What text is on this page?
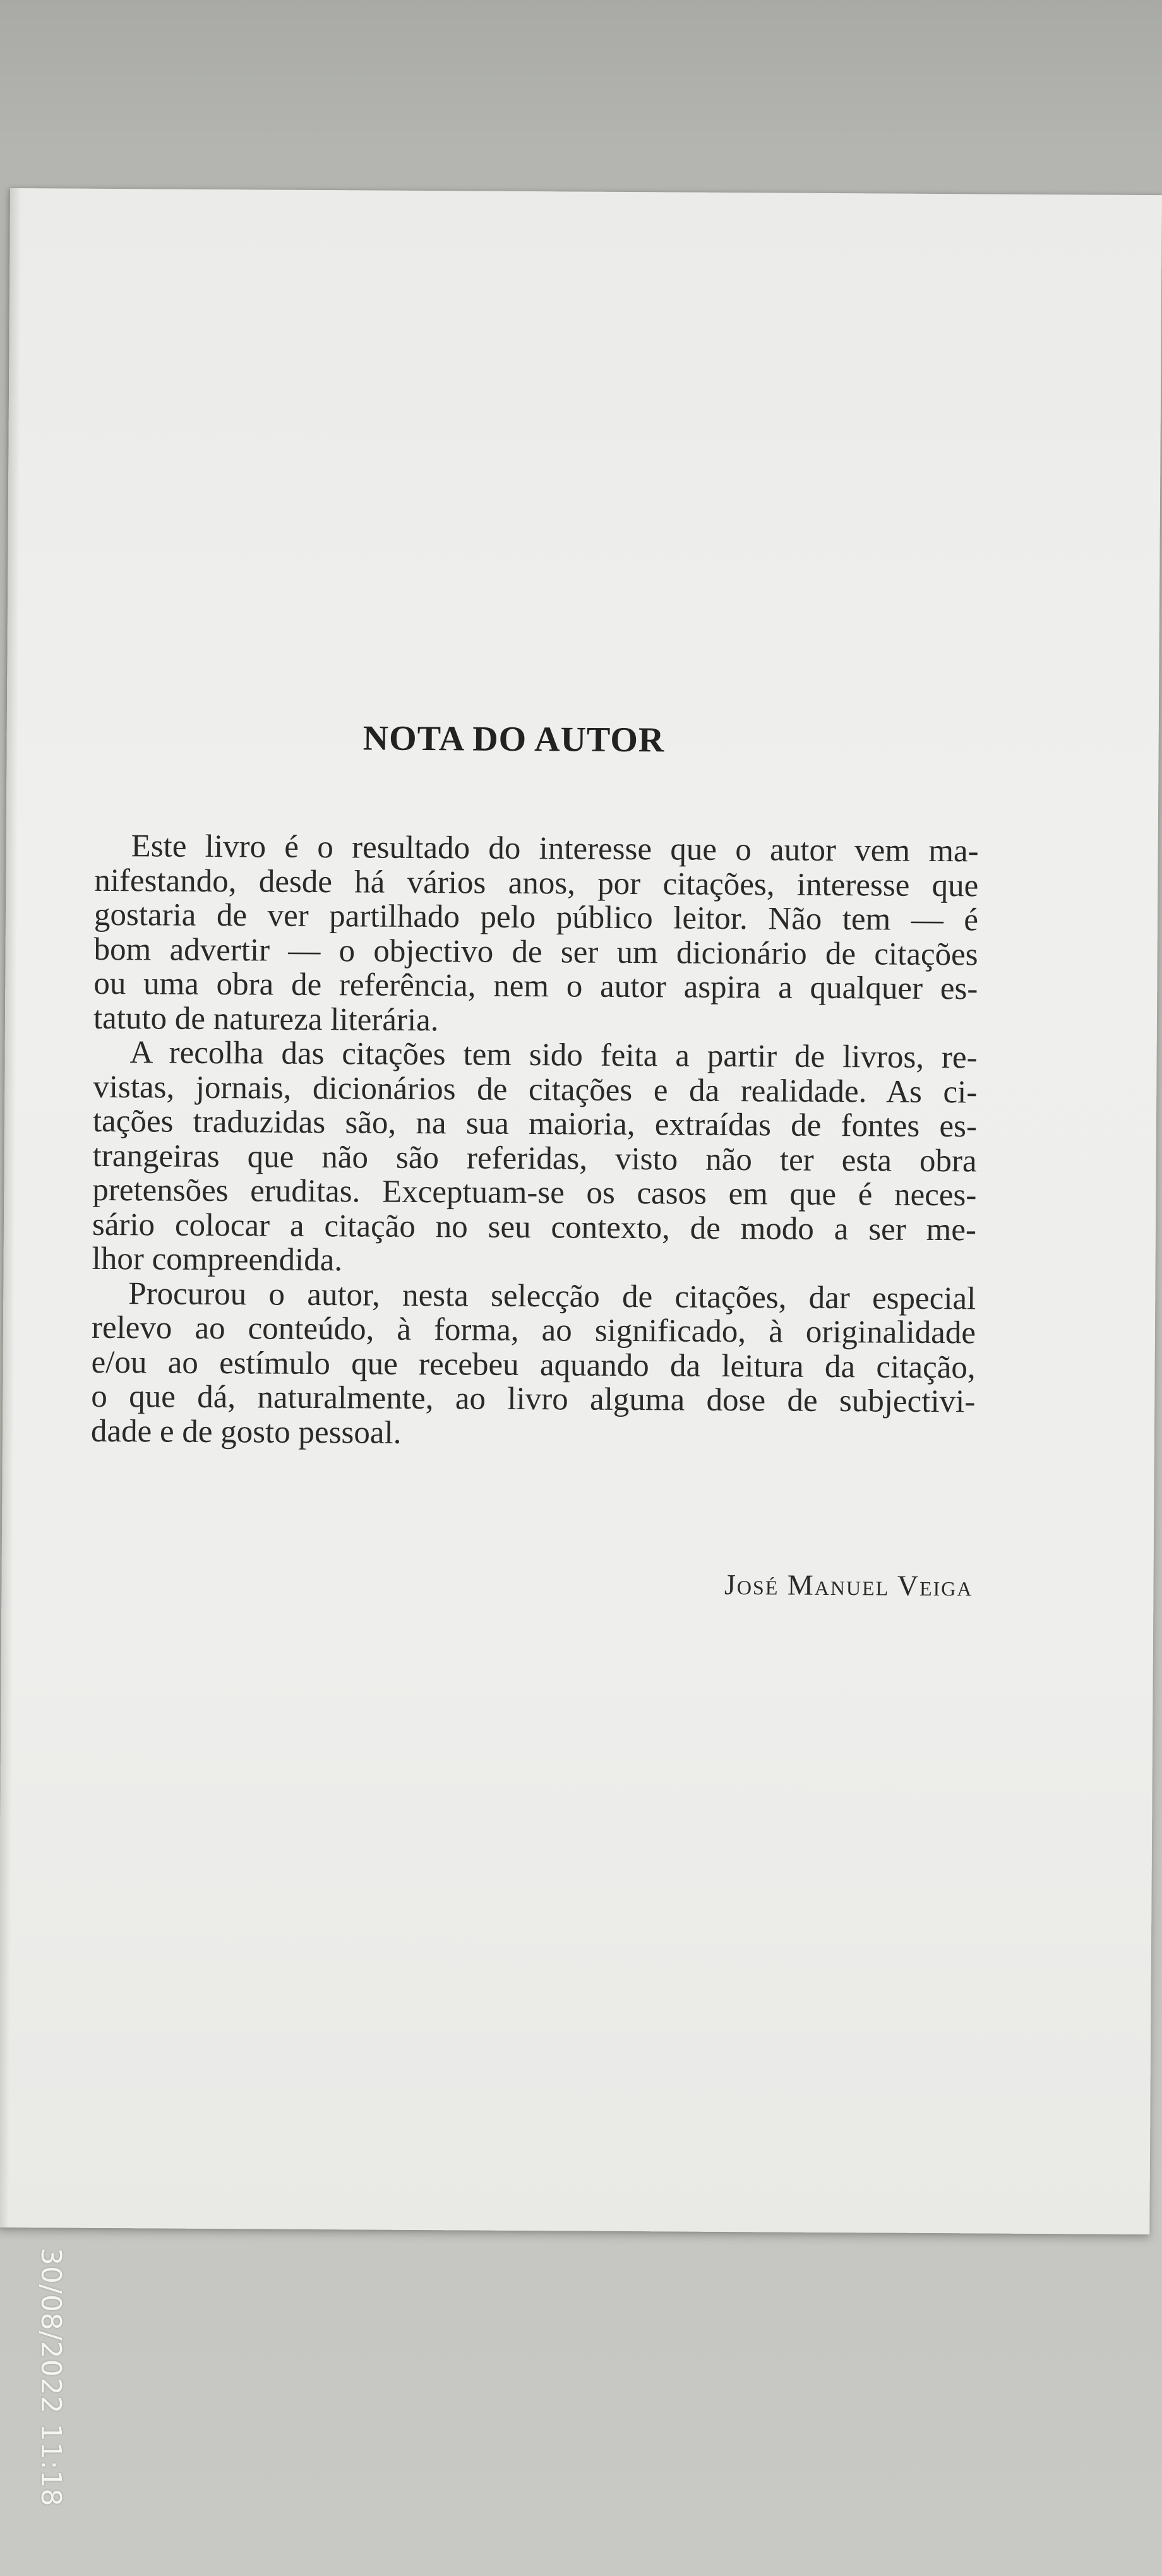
NOTA DO AUTOR

Este livro é o resultado do interesse que o autor vem ma-
nifestando, desde há vários anos, por citações, interesse que
gostaria de ver partilhado pelo público leitor. Não tem — é
bom advertir — o objectivo de ser um dicionário de citações
ou uma obra de referência, nem o autor aspira a qualquer es-
tatuto de natureza literária.

A recolha das citações tem sido feita a partir de livros, re-
vistas, jornais, dicionários de citações e da realidade. As ci-
tações traduzidas são, na sua maioria, extraídas de fontes es-
trangeiras que não são referidas, visto não ter esta obra
pretensões eruditas. Exceptuam-se os casos em que é neces-
sário colocar a citação no seu contexto, de modo a ser me-
lhor compreendida.

Procurou o autor, nesta selecção de citações, dar especial
relevo ao conteúdo, à forma, ao significado, à originalidade
e/ou ao estímulo que recebeu aquando da leitura da citação,
o que dá, naturalmente, ao livro alguma dose de subjectivi-
dade e de gosto pessoal.

José Manuel Veiga
30/08/2022 11:18
